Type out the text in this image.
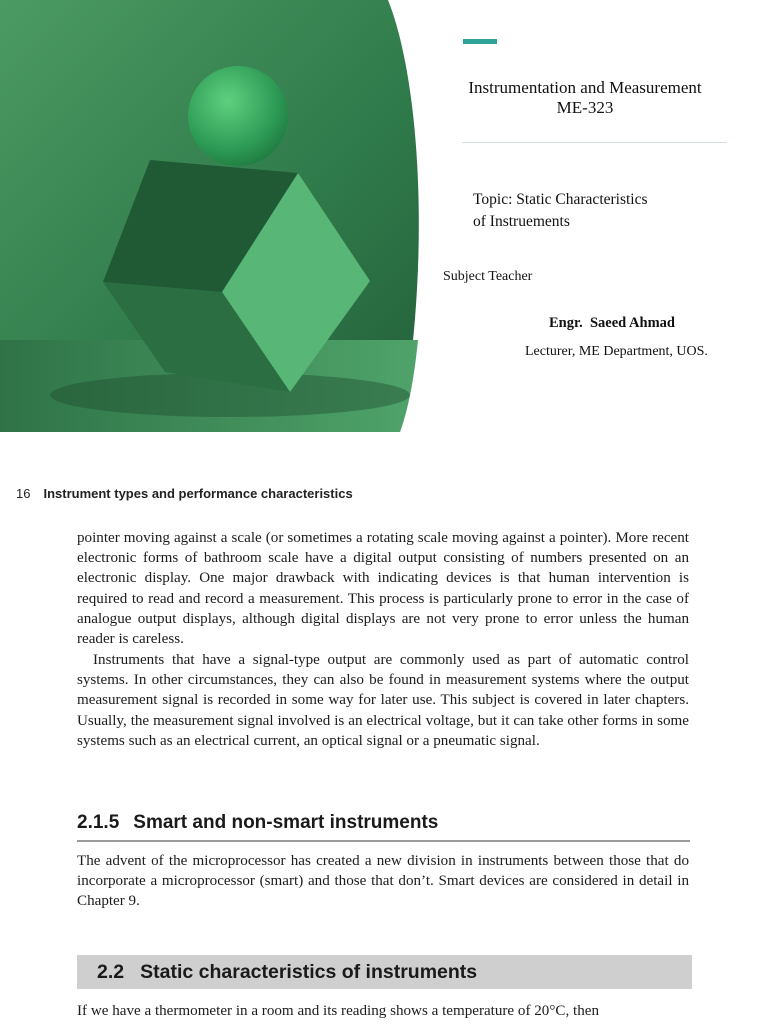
Instrumentation and Measurement
ME-323
Topic: Static Characteristics
of Instruements
Subject Teacher
Engr.  Saeed Ahmad
Lecturer, ME Department, UOS.
16 Instrument types and performance characteristics

pointer moving against a scale (or sometimes a rotating scale moving against a pointer). More recent electronic forms of bathroom scale have a digital output consisting of numbers presented on an electronic display. One major drawback with indicating devices is that human intervention is required to read and record a measurement. This process is particularly prone to error in the case of analogue output displays, although digital displays are not very prone to error unless the human reader is careless.

Instruments that have a signal-type output are commonly used as part of automatic control systems. In other circumstances, they can also be found in measurement systems where the output measurement signal is recorded in some way for later use. This subject is covered in later chapters. Usually, the measurement signal involved is an electrical voltage, but it can take other forms in some systems such as an electrical current, an optical signal or a pneumatic signal.

2.1.5 Smart and non-smart instruments

The advent of the microprocessor has created a new division in instruments between those that do incorporate a microprocessor (smart) and those that don’t. Smart devices are considered in detail in Chapter 9.

2.2 Static characteristics of instruments

If we have a thermometer in a room and its reading shows a temperature of 20°C, then
